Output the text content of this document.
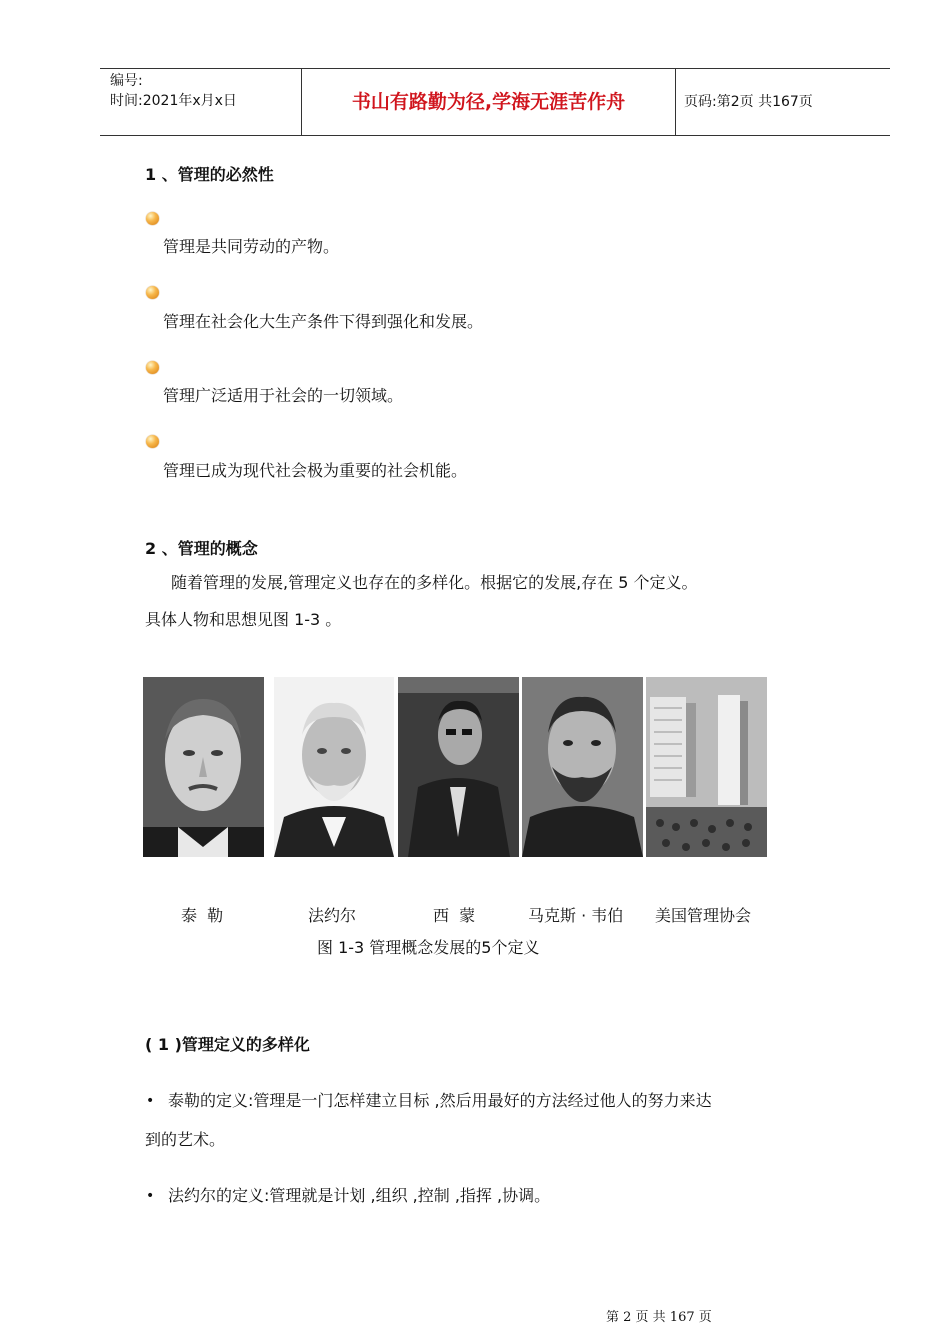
编号:
时间:2021年x月x日	书山有路勤为径,学海无涯苦作舟	页码:第2页 共167页
1 、管理的必然性
管理是共同劳动的产物。
管理在社会化大生产条件下得到强化和发展。
管理广泛适用于社会的一切领域。
管理已成为现代社会极为重要的社会机能。
2 、管理的概念
随着管理的发展,管理定义也存在的多样化。根据它的发展,存在 5 个定义。
具体人物和思想见图 1-3 。
泰  勒	法约尔	西  蒙	马克斯 · 韦伯 美国管理协会
图 1-3 管理概念发展的5个定义
( 1 )管理定义的多样化
• 泰勒的定义:管理是一门怎样建立目标 ,然后用最好的方法经过他人的努力来达
到的艺术。
• 法约尔的定义:管理就是计划 ,组织 ,控制 ,指挥 ,协调。
第 2 页 共 167 页
